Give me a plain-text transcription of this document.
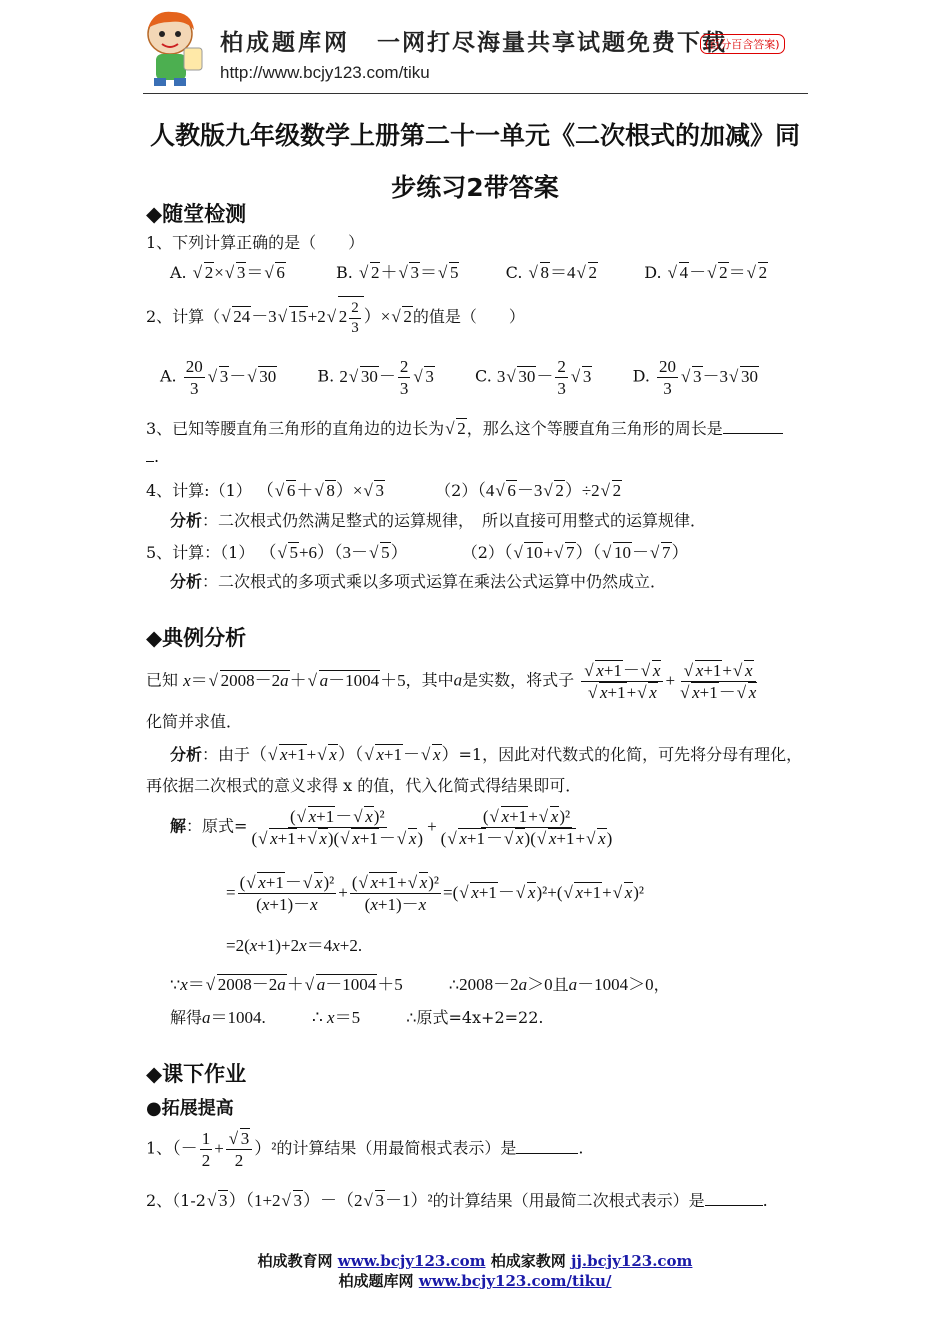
柏成题库网 一网打尽海量共享试题免费下载
(百分百含答案)
http://www.bcjy123.com/tiku
人教版九年级数学上册第二十一单元《二次根式的加减》同步练习2带答案
◆随堂检测
1、下列计算正确的是（　　）
A. √ 2× √ 3＝ √ 6	B. √ 2＋ √ 3＝ √ 5	C. √ 8＝4 √ 2	D. √ 4－ √ 2＝ √ 2
2、计算（ √ 24－3 √ 15+2 √ $2 \frac{2}{3}$ ）× √ 2的值是（　　）
A. $\frac{20}{3}$ √ 3－ √ 30	B. 2 √ $30- \frac{2}{3}$ √ 3	C. 3 √ $30- \frac{2}{3}$ √ 3	D. $\frac{20}{3}$ √ 3－3 √ 30
3、已知等腰直角三角形的直角边的边长为 √ 2，那么这个等腰直角三角形的周长是
.
4、计算:（1） （ √ 6＋ √ 8）× √ 3	（2）（4 √ 6－3 √ 2）÷2 √ 2
分析：二次根式仍然满足整式的运算规律，　所以直接可用整式的运算规律．
5、计算：（1） （ √ 5+6）（3－ √ 5）	（2）（ √ 10+ √ 7）（ √ 10－ √ 7）
分析：二次根式的多项式乘以多项式运算在乘法公式运算中仍然成立．
◆典例分析
已知 x＝ √ 2008－2a＋ √ a－1004＋5，其中a是实数，将式子 √ x+1－ √ x
√ x+1+ √ x + √ x+1+ √ x
√ x+1－ √ x
化简并求值．
分析：由于（ √ x+1+ √ x）（ √ x+1－ √ x）=1，因此对代数式的化简，可先将分母有理化，
再依据二次根式的意义求得 x 的值，代入化简式得结果即可．
解：原式= $\frac{\text{( √ x+1－ √ x)²}}{( √ x+1+ √ x)( √ x+1- √ x)} + \frac{\text{( √ x+1+ √ x)²}}{( √ x+1- √ x)( √ x+1+ √ x)}$
= $\frac{\text{( √ x+1－ √ x)²}}{(x+1)-x} + \frac{\text{( √ x+1+ √ x)²}}{(x+1)-x}$ =( √ x+1－ √ x)²+( √ x+1+ √ x)²
=2(x+1)+2x＝4x+2.
∵x＝ √ 2008－2a＋ √ a－1004＋5	∴2008－2a＞0且a－1004＞0，
解得a＝1004.	∴ x＝5	∴原式=4x+2=22.
◆课下作业
●拓展提高
1、（－ $\frac{1}{2}$ + √ $\frac{3}{2} )^2$的计算结果（用最简根式表示）是	.
2、（1-2 √ 3）（1+2 √ 3）－（2 √ 3－1）²的计算结果（用最简二次根式表示）是	.
柏成教育网 www.bcjy123.com 柏成家教网 jj.bcjy123.com
柏成题库网 www.bcjy123.com/tiku/
